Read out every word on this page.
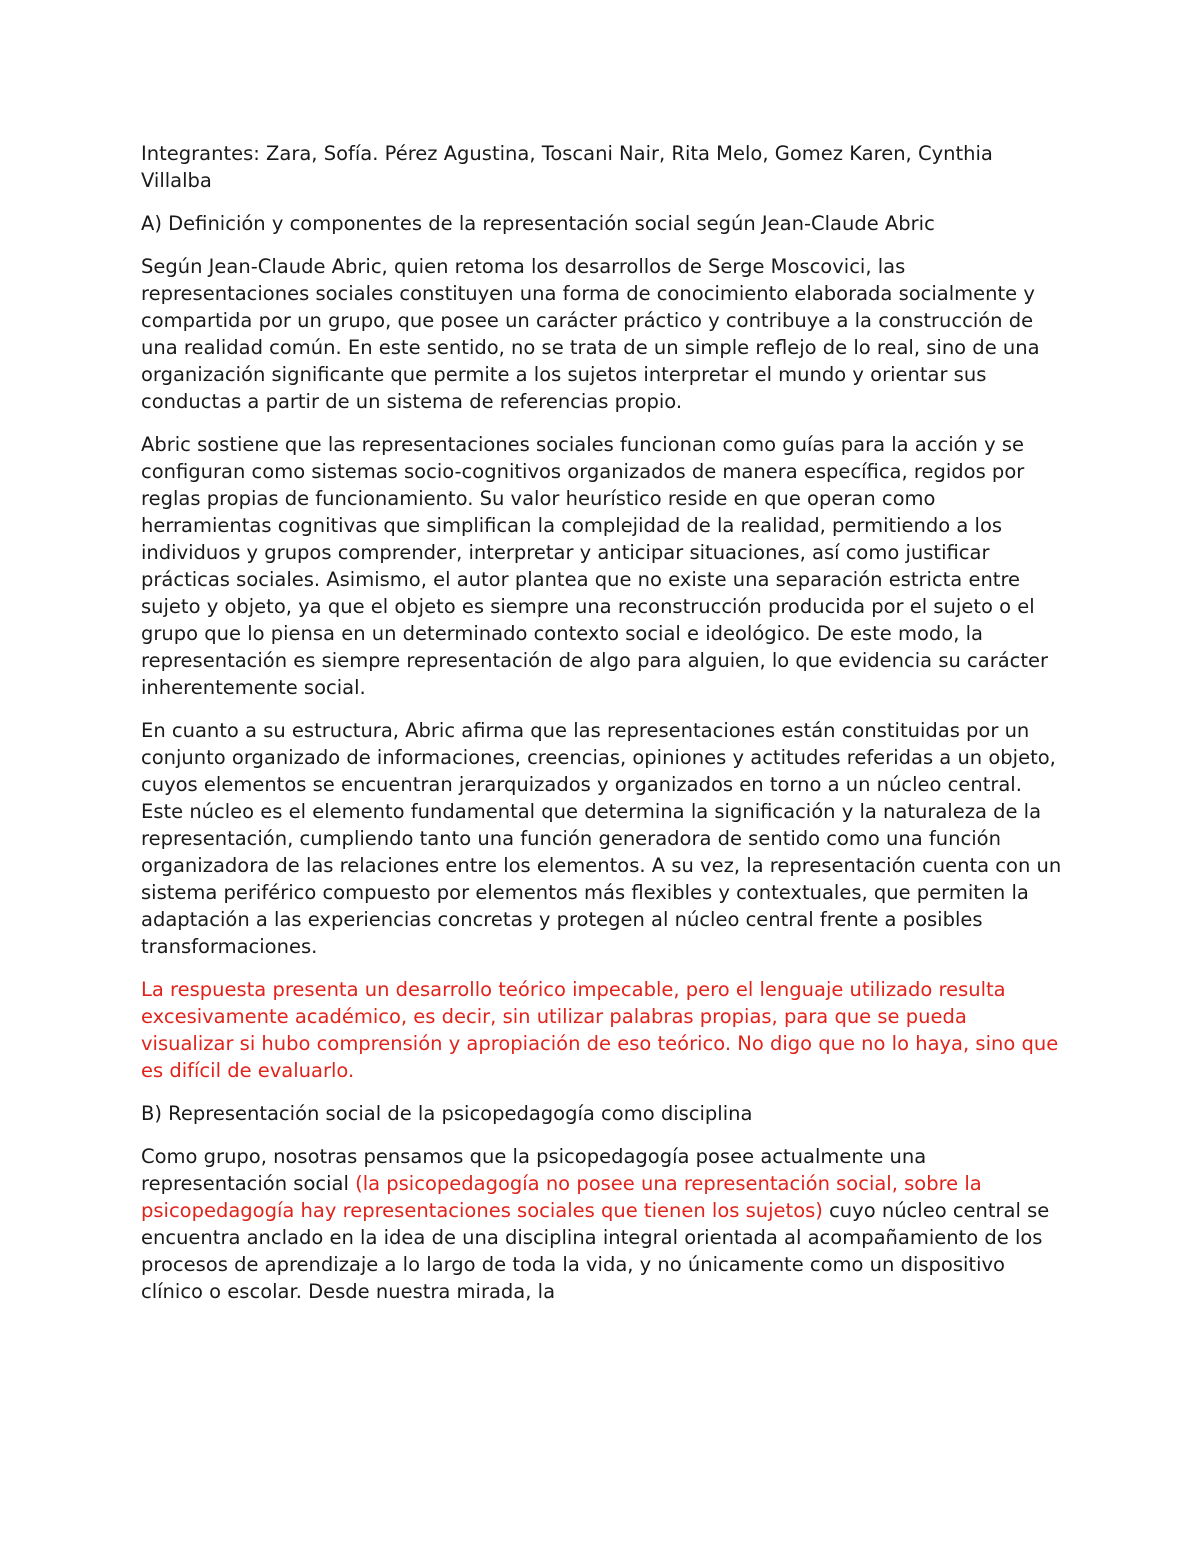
Integrantes: Zara, Sofía. Pérez Agustina, Toscani Nair, Rita Melo, Gomez Karen, Cynthia Villalba

A) Definición y componentes de la representación social según Jean-Claude Abric

Según Jean-Claude Abric, quien retoma los desarrollos de Serge Moscovici, las representaciones sociales constituyen una forma de conocimiento elaborada socialmente y compartida por un grupo, que posee un carácter práctico y contribuye a la construcción de una realidad común. En este sentido, no se trata de un simple reflejo de lo real, sino de una organización significante que permite a los sujetos interpretar el mundo y orientar sus conductas a partir de un sistema de referencias propio.

Abric sostiene que las representaciones sociales funcionan como guías para la acción y se configuran como sistemas socio-cognitivos organizados de manera específica, regidos por reglas propias de funcionamiento. Su valor heurístico reside en que operan como herramientas cognitivas que simplifican la complejidad de la realidad, permitiendo a los individuos y grupos comprender, interpretar y anticipar situaciones, así como justificar prácticas sociales. Asimismo, el autor plantea que no existe una separación estricta entre sujeto y objeto, ya que el objeto es siempre una reconstrucción producida por el sujeto o el grupo que lo piensa en un determinado contexto social e ideológico. De este modo, la representación es siempre representación de algo para alguien, lo que evidencia su carácter inherentemente social.

En cuanto a su estructura, Abric afirma que las representaciones están constituidas por un conjunto organizado de informaciones, creencias, opiniones y actitudes referidas a un objeto, cuyos elementos se encuentran jerarquizados y organizados en torno a un núcleo central. Este núcleo es el elemento fundamental que determina la significación y la naturaleza de la representación, cumpliendo tanto una función generadora de sentido como una función organizadora de las relaciones entre los elementos. A su vez, la representación cuenta con un sistema periférico compuesto por elementos más flexibles y contextuales, que permiten la adaptación a las experiencias concretas y protegen al núcleo central frente a posibles transformaciones.

La respuesta presenta un desarrollo teórico impecable, pero el lenguaje utilizado resulta excesivamente académico, es decir, sin utilizar palabras propias, para que se pueda visualizar si hubo comprensión y apropiación de eso teórico. No digo que no lo haya, sino que es difícil de evaluarlo.

B) Representación social de la psicopedagogía como disciplina

Como grupo, nosotras pensamos que la psicopedagogía posee actualmente una representación social (la psicopedagogía no posee una representación social, sobre la psicopedagogía hay representaciones sociales que tienen los sujetos) cuyo núcleo central se encuentra anclado en la idea de una disciplina integral orientada al acompañamiento de los procesos de aprendizaje a lo largo de toda la vida, y no únicamente como un dispositivo clínico o escolar. Desde nuestra mirada, la
